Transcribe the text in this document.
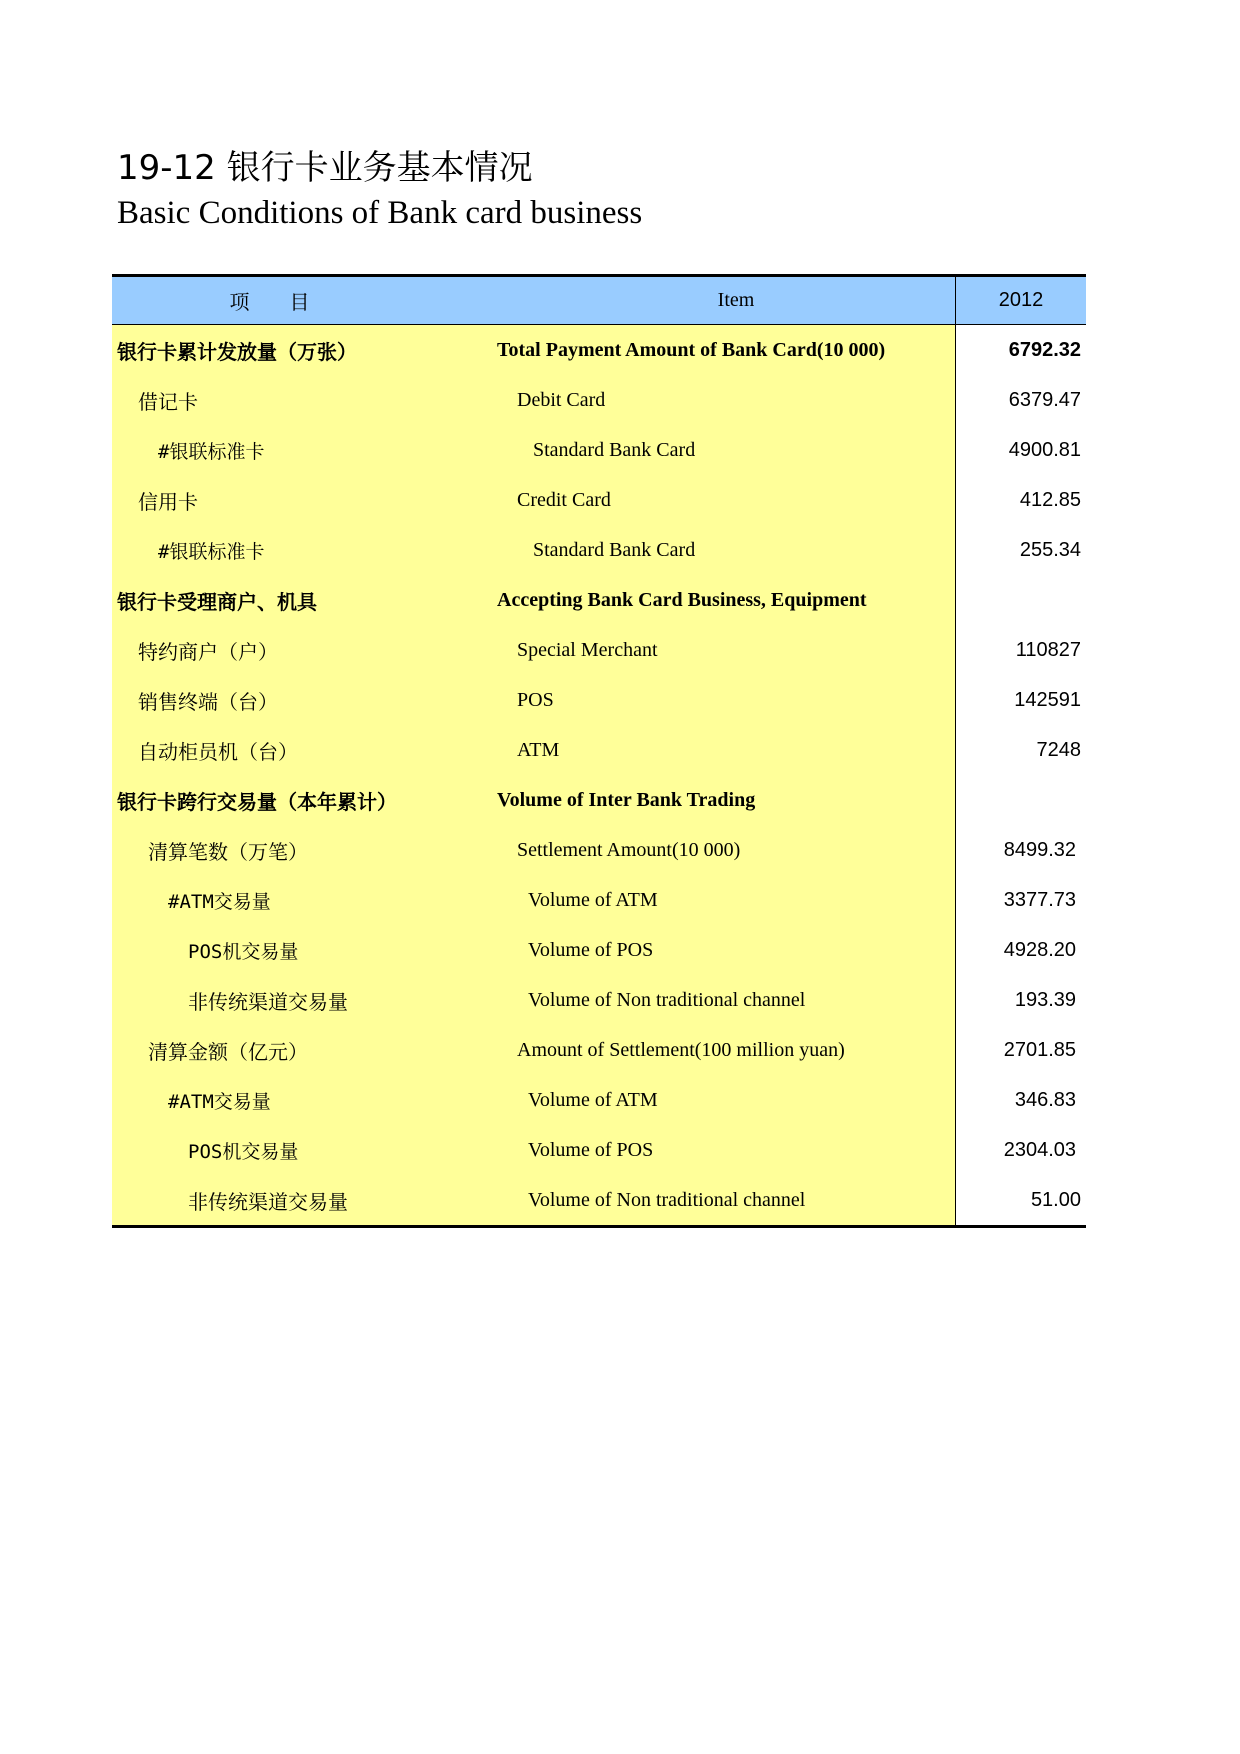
19-12 银行卡业务基本情况
Basic Conditions of Bank card business
项　　目	Item	2012
银行卡累计发放量（万张）	Total Payment Amount of Bank Card(10 000)	6792.32
借记卡	Debit Card	6379.47
#银联标准卡	Standard Bank Card	4900.81
信用卡	Credit Card	412.85
#银联标准卡	Standard Bank Card	255.34
银行卡受理商户、机具	Accepting Bank Card Business, Equipment
特约商户（户）	Special Merchant	110827
销售终端（台）	POS	142591
自动柜员机（台）	ATM	7248
银行卡跨行交易量（本年累计）	Volume of Inter Bank Trading
清算笔数（万笔）	Settlement Amount(10 000)	8499.32
#ATM交易量	Volume of ATM	3377.73
POS机交易量	Volume of POS	4928.20
非传统渠道交易量	Volume of Non traditional channel	193.39
清算金额（亿元）	Amount of Settlement(100 million yuan)	2701.85
#ATM交易量	Volume of ATM	346.83
POS机交易量	Volume of POS	2304.03
非传统渠道交易量	Volume of Non traditional channel	51.00
